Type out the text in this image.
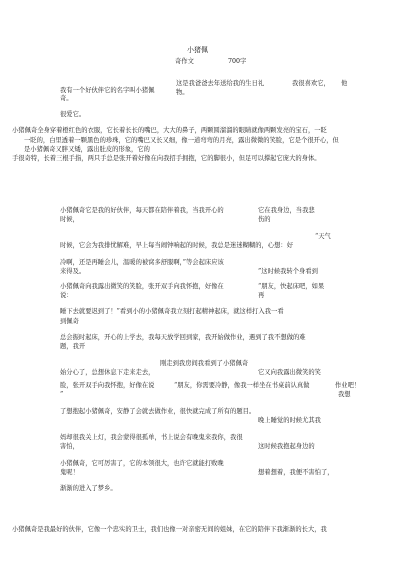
小猪佩
奇作文	700字
我有一个好伙伴它的名字叫小猪佩
奇。
这是我爸爸去年送给我的生日礼	我很喜欢它， 他
物。
很爱它。
小猪佩奇全身穿着橙红色的衣服，它长着长长的嘴巴，大大的鼻子，两颗圆溜溜的眼睛就像两颗发亮的宝石，一眨
一眨的，白里透着一颗黑色的珍珠，它的嘴巴又长又细，像一道弯弯的月亮，露出微微的笑脸，它是个很开心，但
是小猪佩奇又胖又矮，露出肚皮的形象，它的
手很奇特，长着三根手指，两只手总是张开着好像在向我招手拥抱，它的脚很小，但足可以撑起它庞大的身体。
小猪佩奇它是我的好伙伴，每天都在陪伴着我，当我开心的	它在我身边，当我悲
时候，	伤的
“天气
时候，它会为我排忧解难，早上每当闹钟响起的时候，我总是迷迷糊糊的，心想：好
冷啊，还是再睡会儿，温暖的被窝多舒服啊，”等会起床应该
来得及。	”这时候我转个身看到
小猪佩奇向我露出微笑的笑脸，张开双手向我怀抱，好像在	“朋友，快起床吧，如果
说：	再
睡下去就要迟到了！”看到小的小猪佩奇我立刻打起精神起床，就这样打入我一看
到佩奇
总会振时起床，开心的上学去，我每天放学回到家，我开始做作业，遇到了我不想做的难
题，我开
刚走到我房间我看到了小猪佩奇
始分心了，总想休息下走来走去，	它又向我露出微笑的笑
脸，张开双手向我怀抱，好像在说	“朋友，你需要冷静，像我一样坐在书桌前认真做	作业吧！
”	我想
了想抱起小猪佩奇，安静了会就去做作业，很快就完成了所有的题目。
晚上睡觉的时候尤其我
妈却很我关上灯，我会蒙得很孤单，书上说会有晚鬼来我你，我很
害怕，	这时候我抱起身边的
小猪佩奇，它可厉害了，它的本领很大，也许它就能打败晚
鬼呢！	想着想着，我便不害怕了，
渐渐的进入了梦乡。
小猪佩奇是我最好的伙伴，它像一个忠实的卫士，我们也像一对亲密无间的姐妹，在它的陪伴下我渐渐的长大，我
